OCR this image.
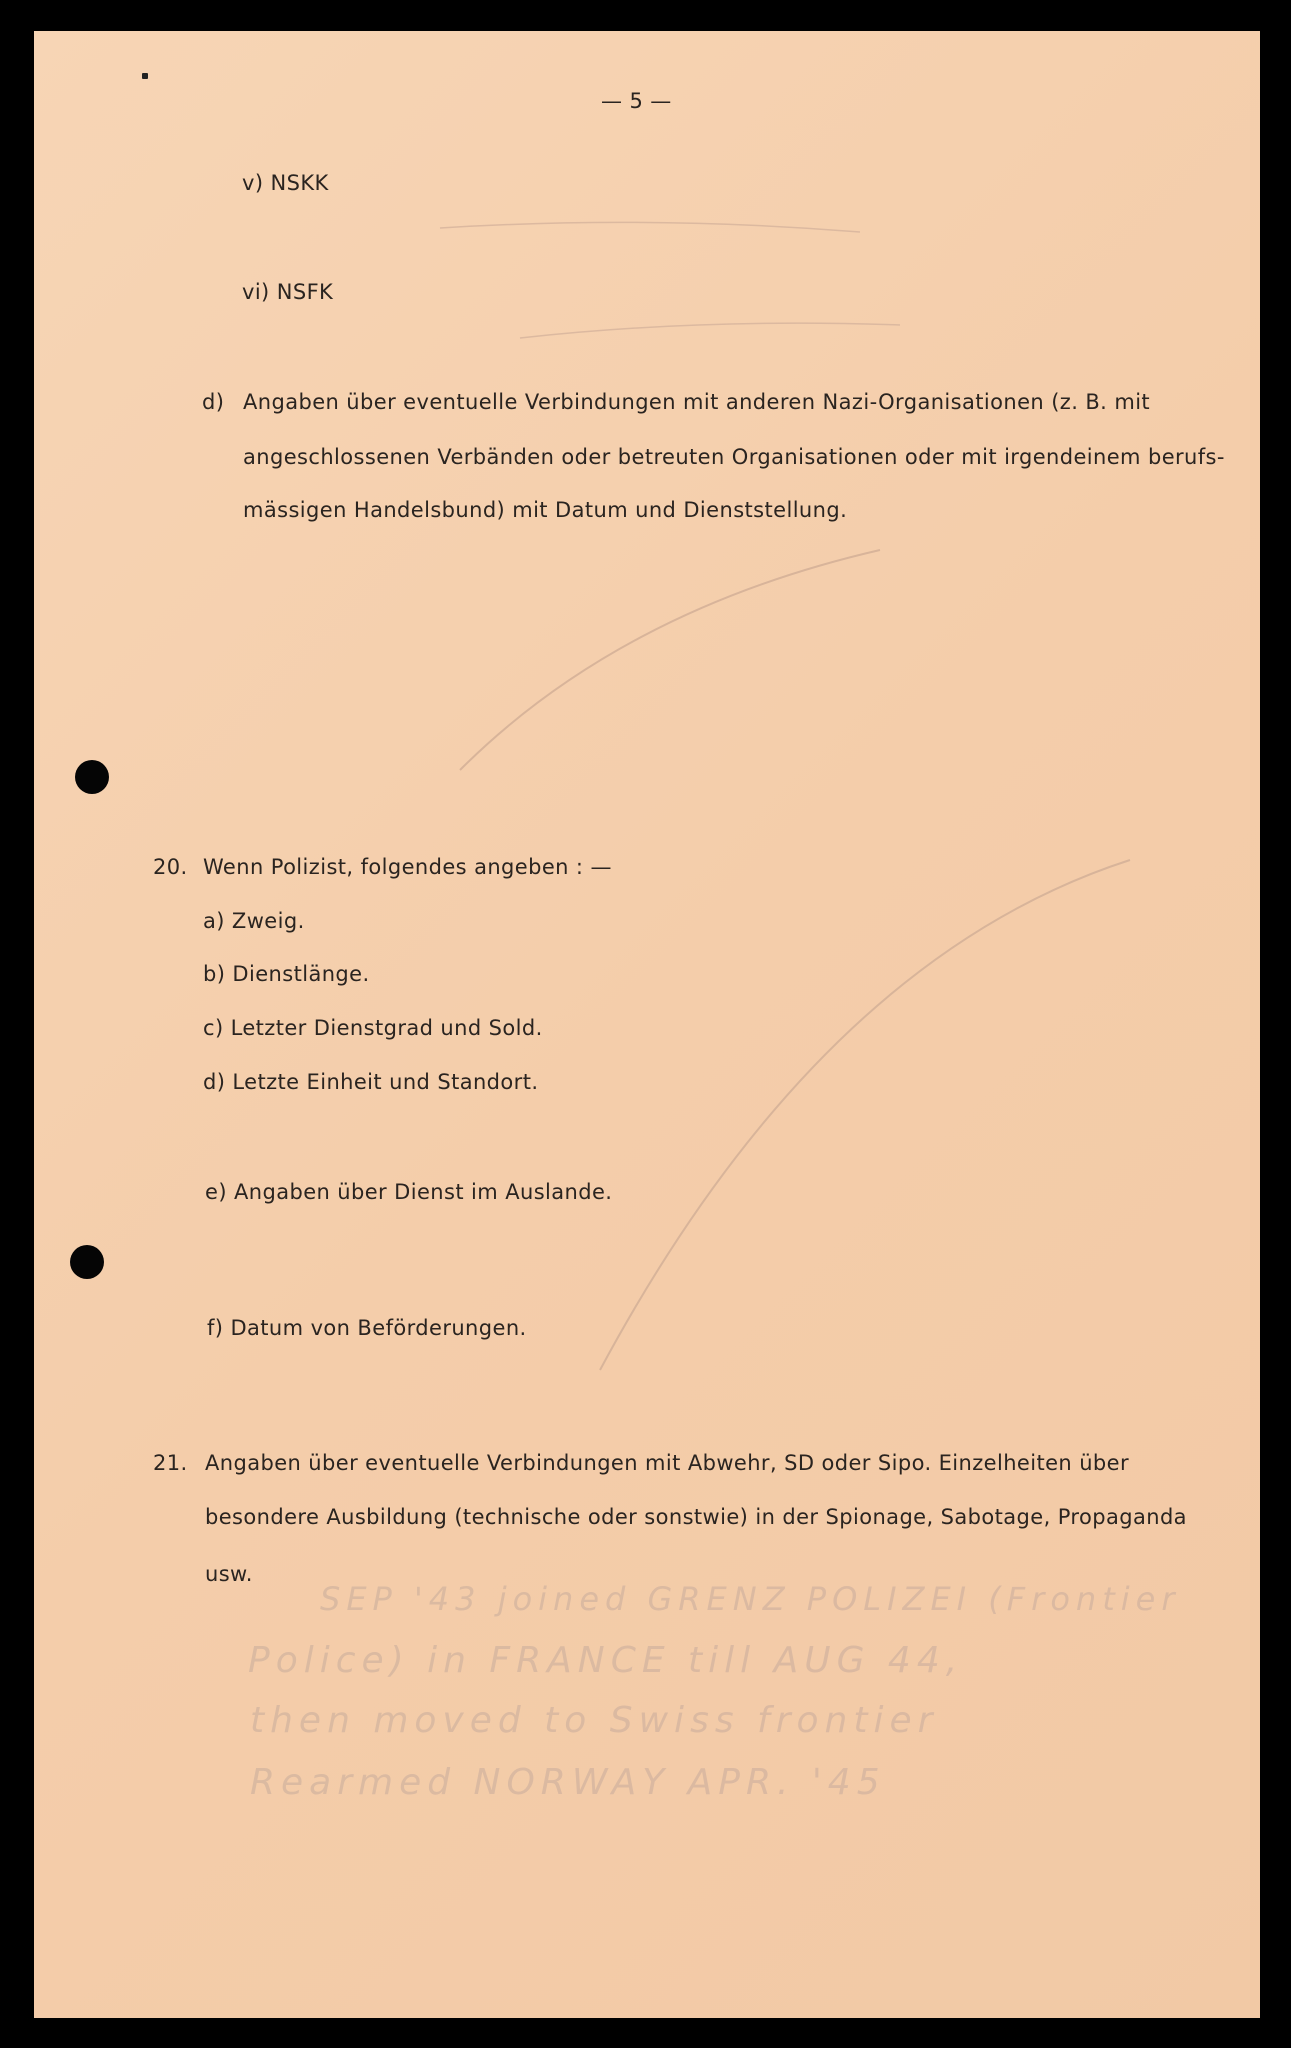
— 5 —
v) NSKK
vi) NSFK
d) Angaben über eventuelle Verbindungen mit anderen Nazi-Organisationen (z. B. mit
angeschlossenen Verbänden oder betreuten Organisationen oder mit irgendeinem berufs-
mässigen Handelsbund) mit Datum und Dienststellung.
20. Wenn Polizist, folgendes angeben : —
a) Zweig.
b) Dienstlänge.
c) Letzter Dienstgrad und Sold.
d) Letzte Einheit und Standort.
e) Angaben über Dienst im Auslande.
f) Datum von Beförderungen.
21. Angaben über eventuelle Verbindungen mit Abwehr, SD oder Sipo. Einzelheiten über
besondere Ausbildung (technische oder sonstwie) in der Spionage, Sabotage, Propaganda
usw.
SEP '43 joined GRENZ POLIZEI (Frontier
Police) in FRANCE till AUG 44,
then moved to Swiss frontier
Rearmed NORWAY APR. '45
